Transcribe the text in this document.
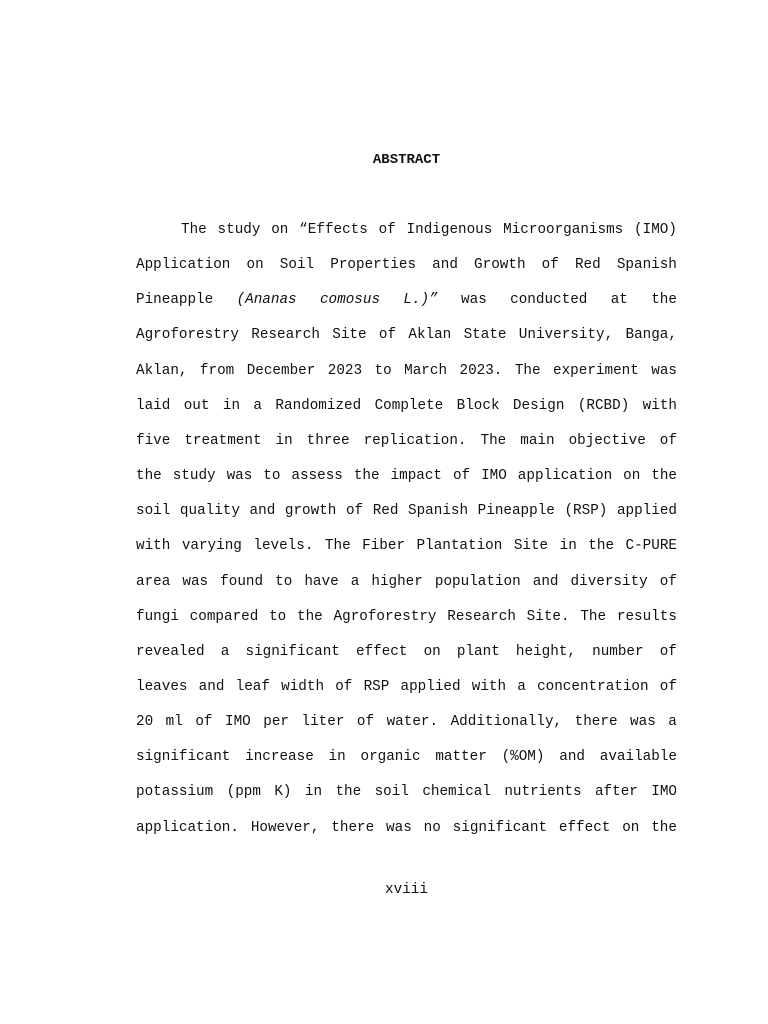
ABSTRACT
The study on “Effects of Indigenous Microorganisms (IMO)
Application on Soil Properties and Growth of Red Spanish
Pineapple (Ananas comosus L.)” was conducted at the
Agroforestry Research Site of Aklan State University, Banga,
Aklan, from December 2023 to March 2023. The experiment was
laid out in a Randomized Complete Block Design (RCBD) with
five treatment in three replication. The main objective of
the study was to assess the impact of IMO application on the
soil quality and growth of Red Spanish Pineapple (RSP) applied
with varying levels. The Fiber Plantation Site in the C-PURE
area was found to have a higher population and diversity of
fungi compared to the Agroforestry Research Site. The results
revealed a significant effect on plant height, number of
leaves and leaf width of RSP applied with a concentration of
20 ml of IMO per liter of water. Additionally, there was a
significant increase in organic matter (%OM) and available
potassium (ppm K) in the soil chemical nutrients after IMO
application. However, there was no significant effect on the
xviii
